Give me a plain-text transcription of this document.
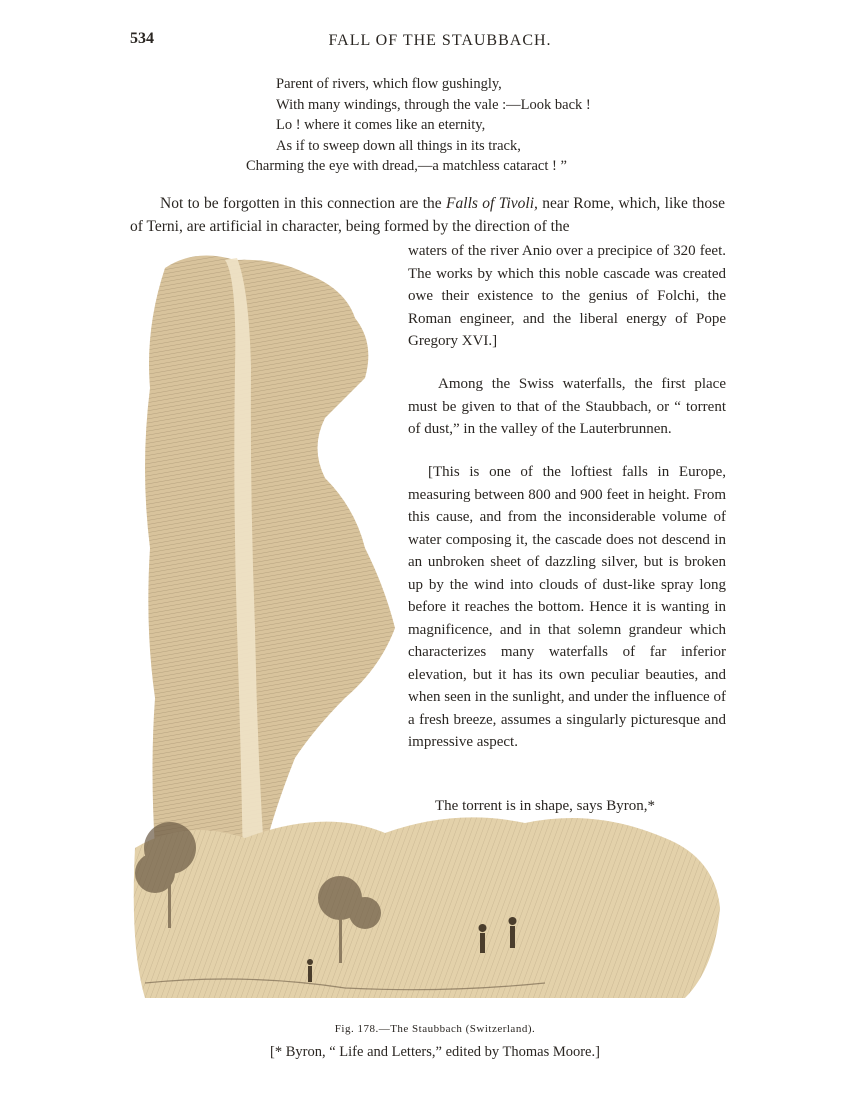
534	FALL OF THE STAUBBACH.
Parent of rivers, which flow gushingly,
With many windings, through the vale :—Look back !
Lo ! where it comes like an eternity,
As if to sweep down all things in its track,
Charming the eye with dread,—a matchless cataract ! ”
Not to be forgotten in this connection are the Falls of Tivoli, near Rome, which, like those of Terni, are artificial in character, being formed by the direction of the

waters of the river Anio over a precipice of 320 feet. The works by which this noble cascade was created owe their existence to the genius of Folchi, the Roman engineer, and the liberal energy of Pope Gregory XVI.]

Among the Swiss waterfalls, the first place must be given to that of the Staubbach, or “ torrent of dust,” in the valley of the Lauterbrunnen.

[This is one of the loftiest falls in Europe, measuring between 800 and 900 feet in height. From this cause, and from the inconsiderable volume of water composing it, the cascade does not descend in an unbroken sheet of dazzling silver, but is broken up by the wind into clouds of dust-like spray long before it reaches the bottom. Hence it is wanting in magnificence, and in that solemn grandeur which characterizes many waterfalls of far inferior elevation, but it has its own peculiar beauties, and when seen in the sunlight, and under the influence of a fresh breeze, assumes a singularly picturesque and impressive aspect.

The torrent is in shape, says Byron,*

Fig. 178.—The Staubbach (Switzerland).
[* Byron, “ Life and Letters,” edited by Thomas Moore.]
